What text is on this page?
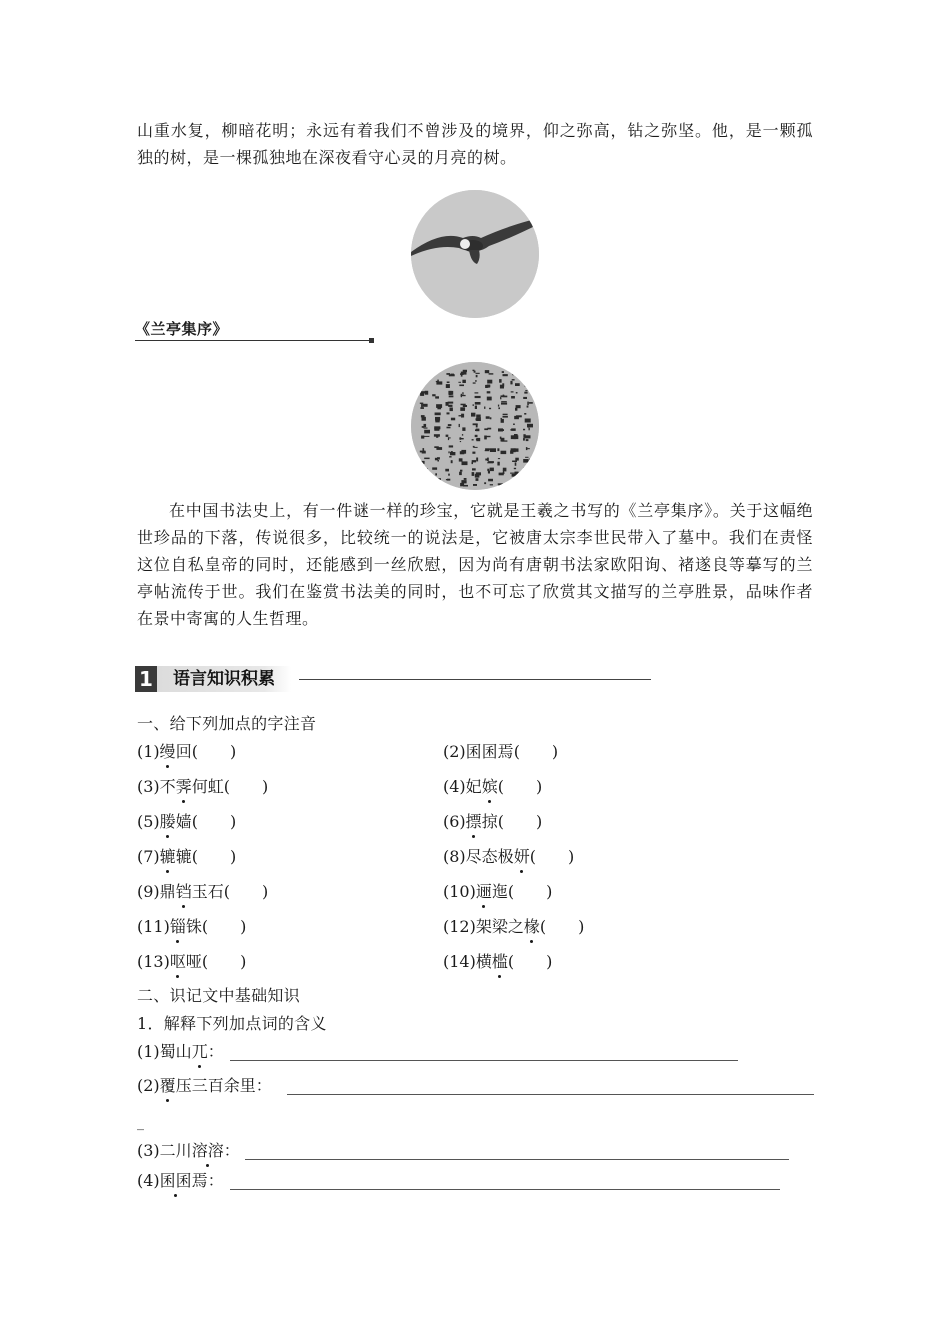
山重水复，柳暗花明；永远有着我们不曾涉及的境界，仰之弥高，钻之弥坚。他，是一颗孤独的树，是一棵孤独地在深夜看守心灵的月亮的树。

《兰亭集序》

在中国书法史上，有一件谜一样的珍宝，它就是王羲之书写的《兰亭集序》。关于这幅绝世珍品的下落，传说很多，比较统一的说法是，它被唐太宗李世民带入了墓中。我们在责怪这位自私皇帝的同时，还能感到一丝欣慰，因为尚有唐朝书法家欧阳询、褚遂良等摹写的兰亭帖流传于世。我们在鉴赏书法美的同时，也不可忘了欣赏其文描写的兰亭胜景，品味作者在景中寄寓的人生哲理。

1 语言知识积累
一、给下列加点的字注音
(1)缦回(　　)	(2)囷囷焉(　　)
(3)不霁何虹(　　)	(4)妃嫔(　　)
(5)媵嫱(　　)	(6)摽掠(　　)
(7)辘辘(　　)	(8)尽态极妍(　　)
(9)鼎铛玉石(　　)	(10)逦迤(　　)
(11)锱铢(　　)	(12)架梁之椽(　　)
(13)呕哑(　　)	(14)横槛(　　)
二、识记文中基础知识
1．解释下列加点词的含义
(1)蜀山兀：
(2)覆压三百余里：
(3)二川溶溶：
(4)囷囷焉：
_
